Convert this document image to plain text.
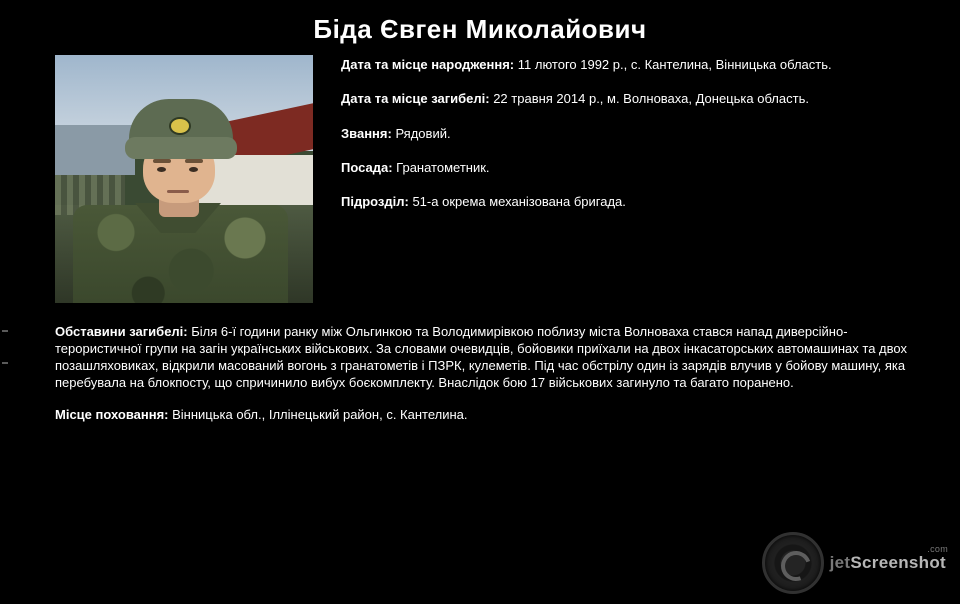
Біда Євген Миколайович

Дата та місце народження: 11 лютого 1992 р., с. Кантелина, Вінницька область.

Дата та місце загибелі: 22 травня 2014 р., м. Волноваха, Донецька область.

Звання: Рядовий.

Посада: Гранатометник.

Підрозділ: 51-а окрема механізована бригада.

Обставини загибелі: Біля 6-ї години ранку між Ольгинкою та Володимирівкою поблизу міста Волноваха стався напад диверсійно-терористичної групи на загін українських військових. За словами очевидців, бойовики приїхали на двох інкасаторських автомашинах та двох позашляховиках, відкрили масований вогонь з гранатометів і ПЗРК, кулеметів. Під час обстрілу один із зарядів влучив у бойову машину, яка перебувала на блокпосту, що спричинило вибух боєкомплекту. Внаслідок бою 17 військових загинуло та багато поранено.

Місце поховання: Вінницька обл., Іллінецький район, с. Кантелина.

jetScreenshot
.com
